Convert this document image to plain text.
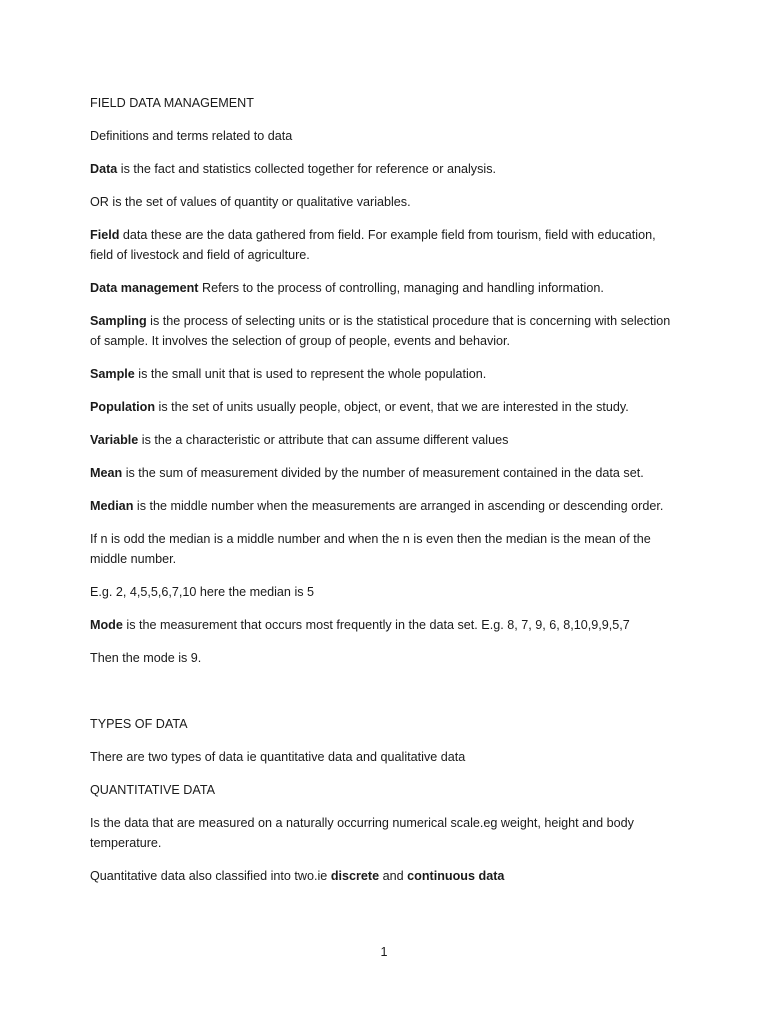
FIELD DATA MANAGEMENT

Definitions and terms related to data

Data is the fact and statistics collected together for reference or analysis.

OR is the set of values of quantity or qualitative variables.

Field data these are the data gathered from field. For example field from tourism, field with education, field of livestock and field of agriculture.

Data management Refers to the process of controlling, managing and handling information.

Sampling is the process of selecting units or is the statistical procedure that is concerning with selection of sample. It involves the selection of group of people, events and behavior.

Sample is the small unit that is used to represent the whole population.

Population is the set of units usually people, object, or event, that we are interested in the study.

Variable is the a characteristic or attribute that can assume different values

Mean is the sum of measurement divided by the number of measurement contained in the data set.

Median is the middle number when the measurements are arranged in ascending or descending order.

If n is odd the median is a middle number and when the n is even then the median is the mean of the middle number.

E.g. 2, 4,5,5,6,7,10 here the median is 5

Mode is the measurement that occurs most frequently in the data set. E.g. 8, 7, 9, 6, 8,10,9,9,5,7

Then the mode is 9.

TYPES OF DATA

There are two types of data ie quantitative data and qualitative data

QUANTITATIVE DATA

Is the data that are measured on a naturally occurring numerical scale.eg weight, height and body temperature.

Quantitative data also classified into two.ie discrete and continuous data

1
